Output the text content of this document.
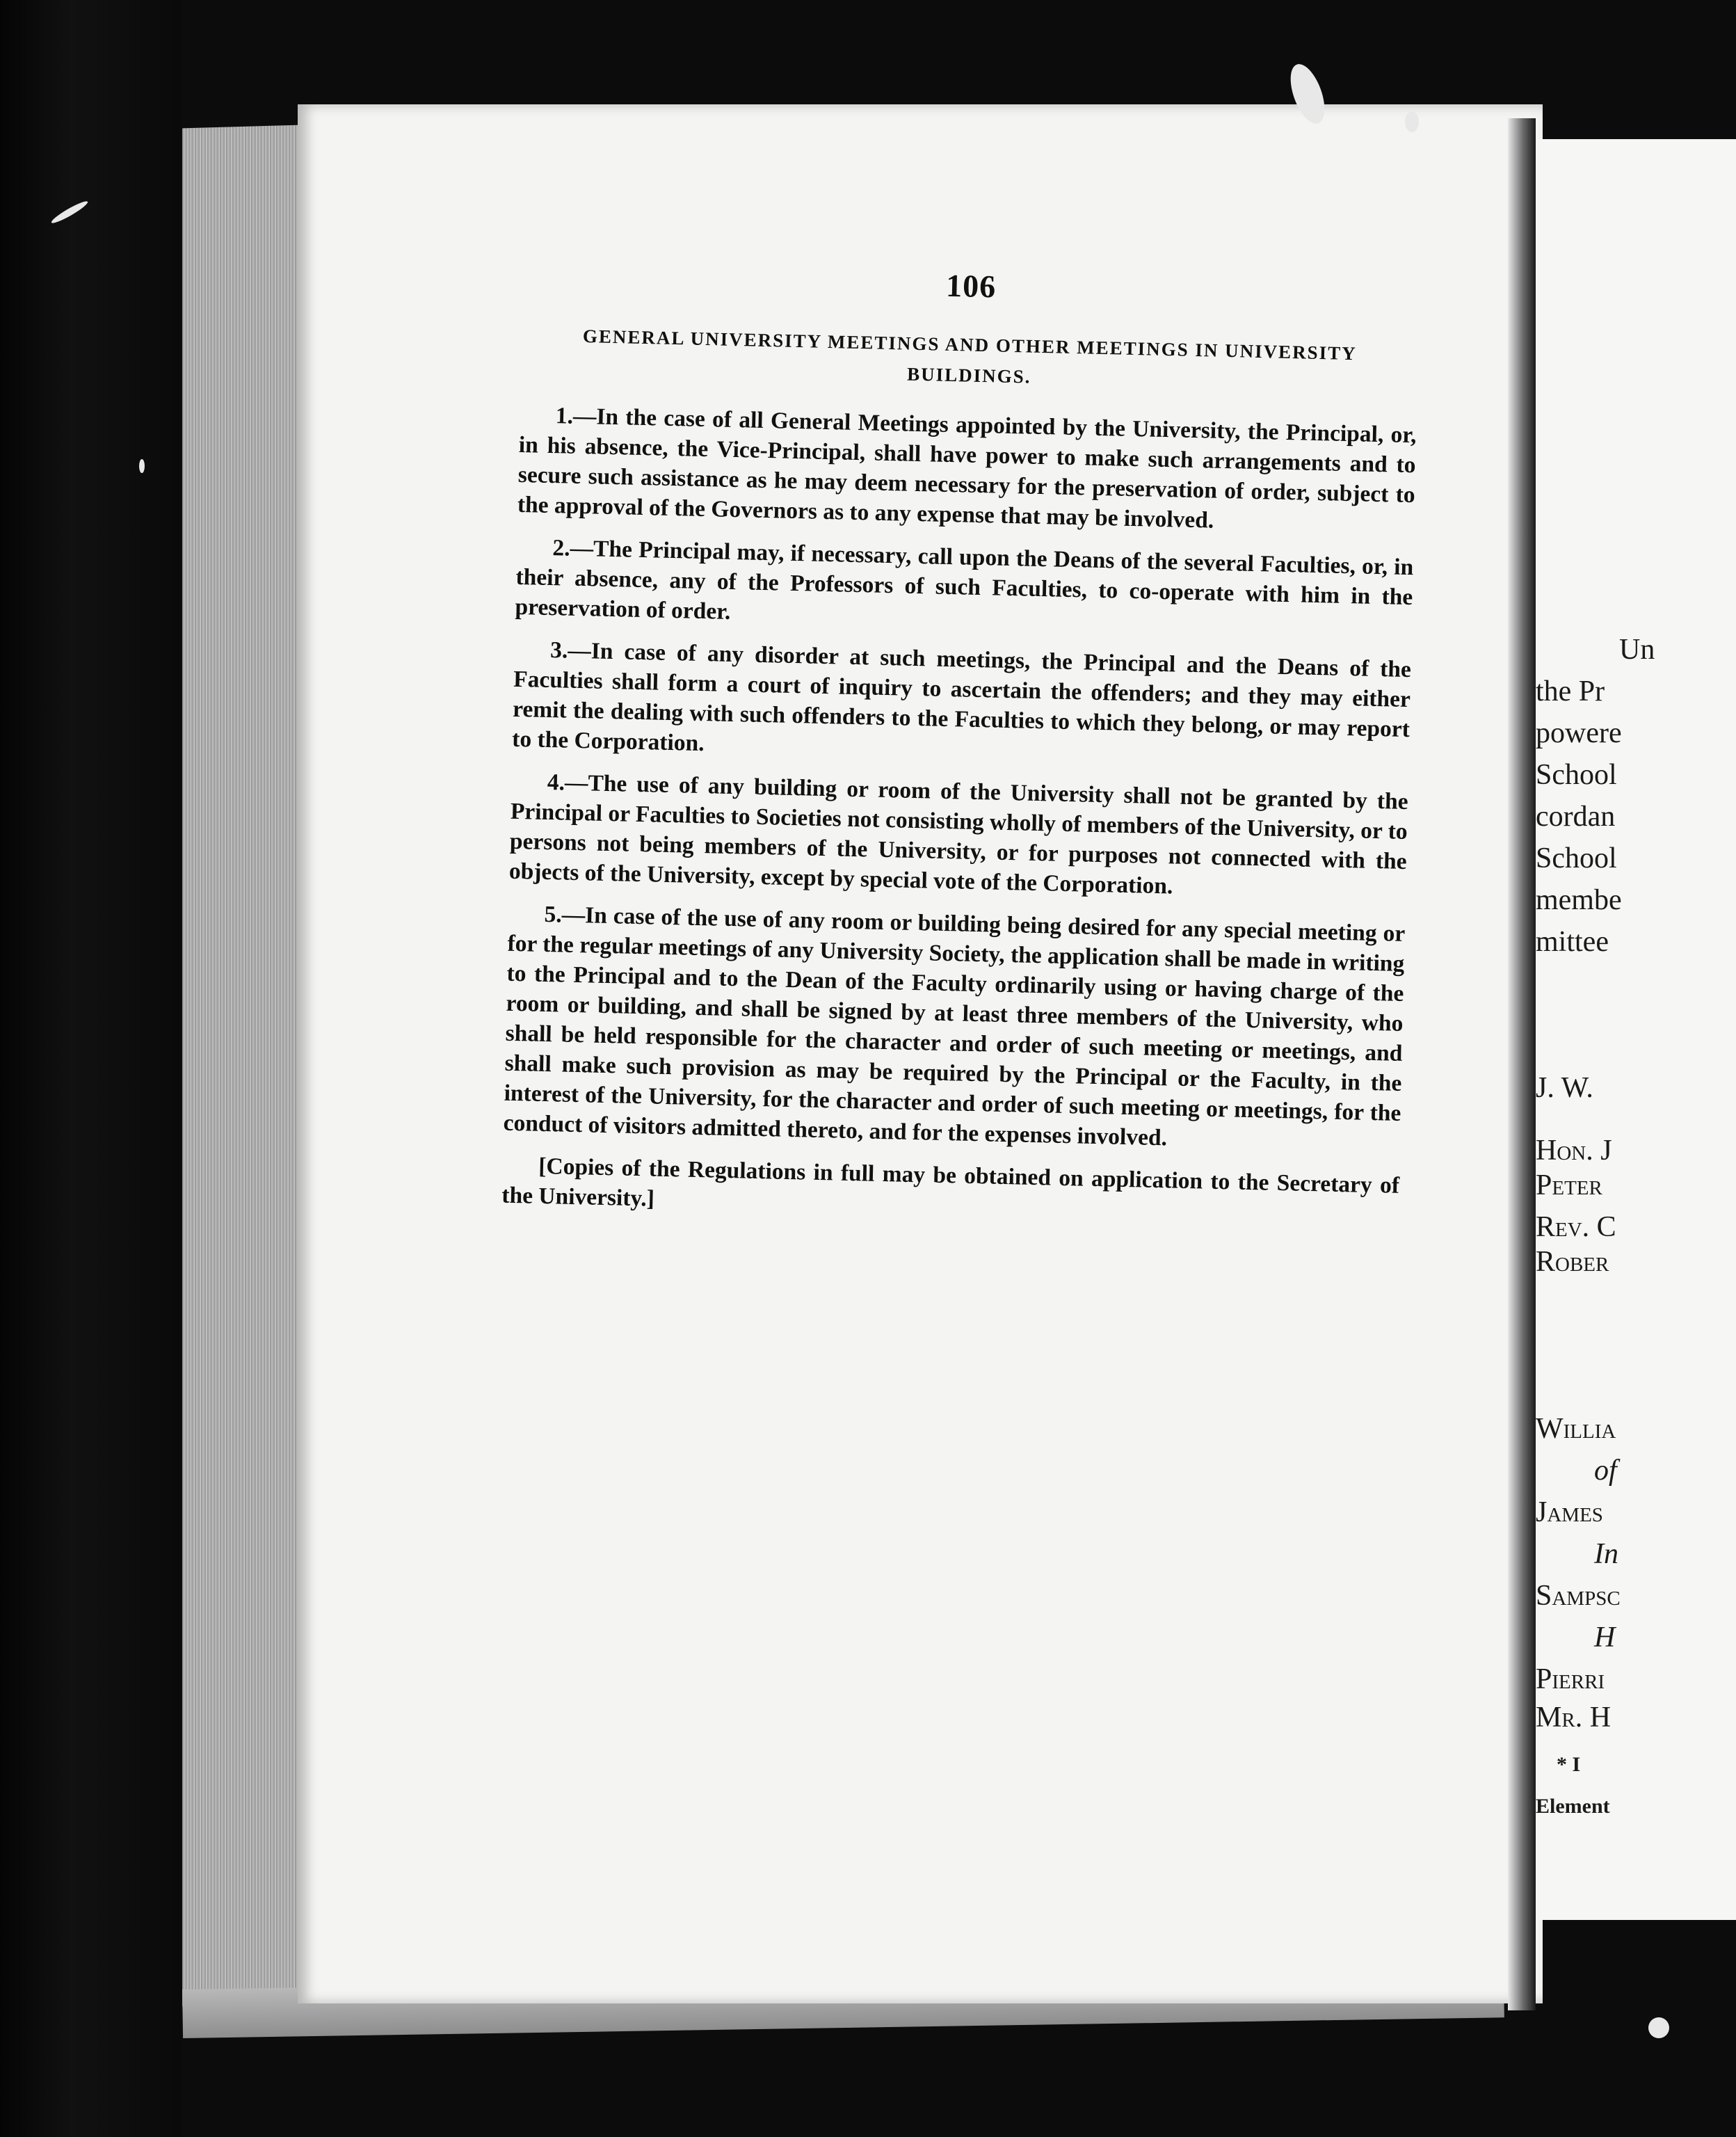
Un
the Pr
powere
School
cordan
School
membe
mittee
J. W.
Hon. J
Peter
Rev. C
Rober
Willia
of
James
In
Sampsc
H
Pierri
Mr. H
* I
Element
106
GENERAL UNIVERSITY MEETINGS AND OTHER MEETINGS IN UNIVERSITY BUILDINGS.

1.—In the case of all General Meetings appointed by the University, the Principal, or, in his absence, the Vice-Principal, shall have power to make such arrangements and to secure such assistance as he may deem necessary for the preservation of order, subject to the approval of the Governors as to any expense that may be involved.

2.—The Principal may, if necessary, call upon the Deans of the several Faculties, or, in their absence, any of the Professors of such Faculties, to co-operate with him in the preservation of order.

3.—In case of any disorder at such meetings, the Principal and the Deans of the Faculties shall form a court of inquiry to ascertain the offenders; and they may either remit the dealing with such offenders to the Faculties to which they belong, or may report to the Corporation.

4.—The use of any building or room of the University shall not be granted by the Principal or Faculties to Societies not consisting wholly of members of the University, or to persons not being members of the University, or for purposes not connected with the objects of the University, except by special vote of the Corporation.

5.—In case of the use of any room or building being desired for any special meeting or for the regular meetings of any University Society, the application shall be made in writing to the Principal and to the Dean of the Faculty ordinarily using or having charge of the room or building, and shall be signed by at least three members of the University, who shall be held responsible for the character and order of such meeting or meetings, and shall make such provision as may be required by the Principal or the Faculty, in the interest of the University, for the character and order of such meeting or meetings, for the conduct of visitors admitted thereto, and for the expenses involved.

[Copies of the Regulations in full may be obtained on application to the Secretary of the University.]
